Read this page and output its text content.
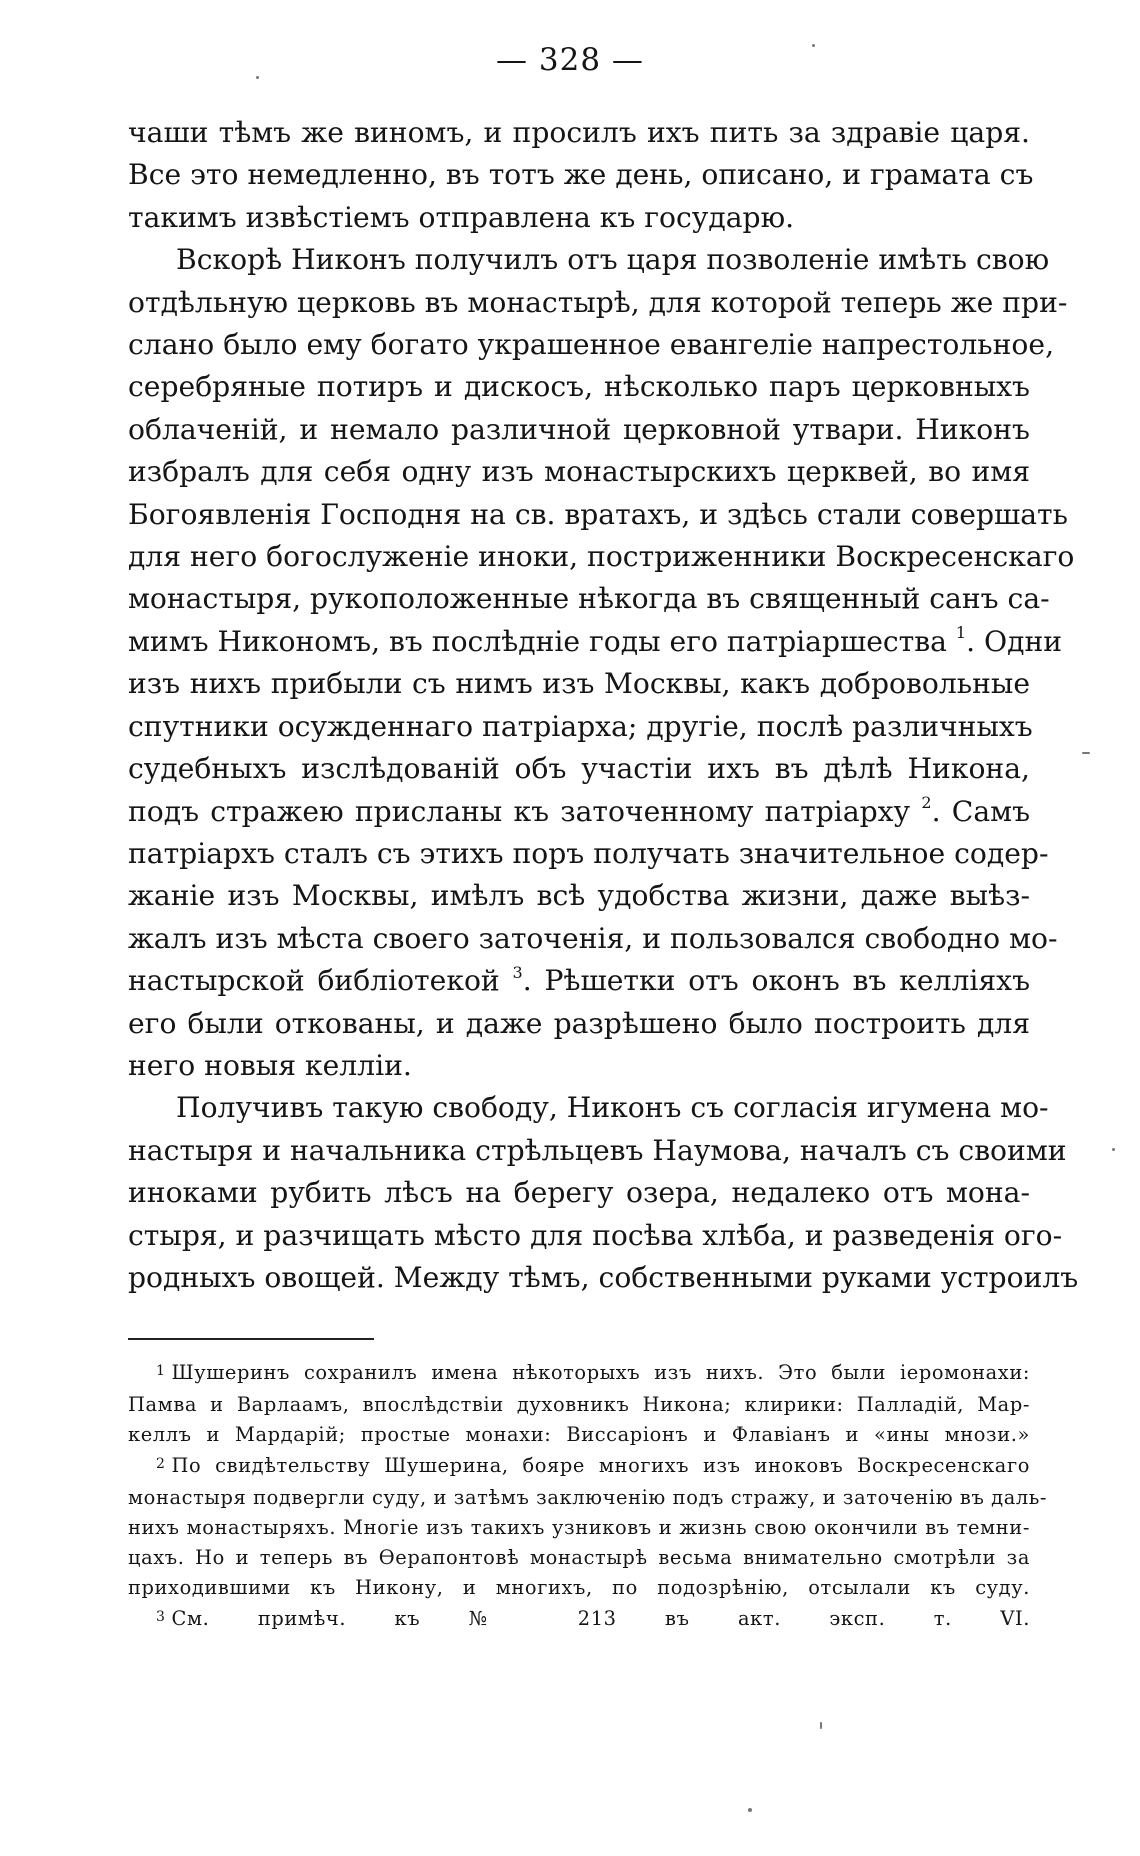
— 328 —

чаши тѣмъ же виномъ, и просилъ ихъ пить за здравіе царя.
Все это немедленно, въ тотъ же день, описано, и грамата съ
такимъ извѣстіемъ отправлена къ государю.

Вскорѣ Никонъ получилъ отъ царя позволеніе имѣть свою
отдѣльную церковь въ монастырѣ, для которой теперь же при-
слано было ему богато украшенное евангеліе напрестольное,
серебряные потиръ и дискосъ, нѣсколько паръ церковныхъ
облаченій, и немало различной церковной утвари. Никонъ
избралъ для себя одну изъ монастырскихъ церквей, во имя
Богоявленія Господня на св. вратахъ, и здѣсь стали совершать
для него богослуженіе иноки, постриженники Воскресенскаго
монастыря, рукоположенные нѣкогда въ священный санъ са-
мимъ Никономъ, въ послѣдніе годы его патріаршества $^1$. Одни
изъ нихъ прибыли съ нимъ изъ Москвы, какъ добровольные
спутники осужденнаго патріарха; другіе, послѣ различныхъ
судебныхъ изслѣдованій объ участіи ихъ въ дѣлѣ Никона,
подъ стражею присланы къ заточенному патріарху $^2$. Самъ
патріархъ сталъ съ этихъ поръ получать значительное содер-
жаніе изъ Москвы, имѣлъ всѣ удобства жизни, даже выѣз-
жалъ изъ мѣста своего заточенія, и пользовался свободно мо-
настырской библіотекой $^3$. Рѣшетки отъ оконъ въ келліяхъ
его были откованы, и даже разрѣшено было построить для
него новыя келліи.

Получивъ такую свободу, Никонъ съ согласія игумена мо-
настыря и начальника стрѣльцевъ Наумова, началъ съ своими
иноками рубить лѣсъ на берегу озера, недалеко отъ мона-
стыря, и разчищать мѣсто для посѣва хлѣба, и разведенія ого-
родныхъ овощей. Между тѣмъ, собственными руками устроилъ

$^1$ Шушеринъ сохранилъ имена нѣкоторыхъ изъ нихъ. Это были іеромонахи:
Памва и Варлаамъ, впослѣдствіи духовникъ Никона; клирики: Палладій, Мар-
келлъ и Мардарій; простые монахи: Виссаріонъ и Флавіанъ и «ины мнози.»

$^2$ По свидѣтельству Шушерина, бояре многихъ изъ иноковъ Воскресенскаго
монастыря подвергли суду, и затѣмъ заключенію подъ стражу, и заточенію въ даль-
нихъ монастыряхъ. Многіе изъ такихъ узниковъ и жизнь свою окончили въ темни-
цахъ. Но и теперь въ Ѳерапонтовѣ монастырѣ весьма внимательно смотрѣли за
приходившими къ Никону, и многихъ, по подозрѣнію, отсылали къ суду.

$^3$ См. примѣч. къ № 213 въ акт. эксп. т. VI.
